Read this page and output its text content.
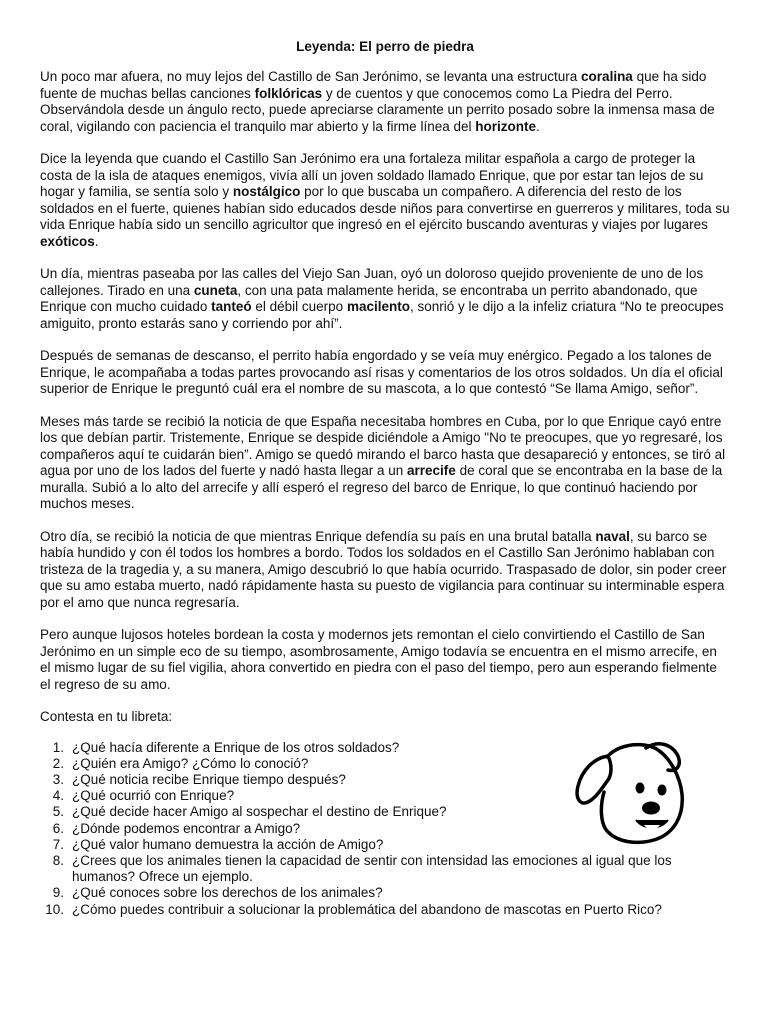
Leyenda: El perro de piedra
Un poco mar afuera, no muy lejos del Castillo de San Jerónimo, se levanta una estructura coralina que ha sido fuente de muchas bellas canciones folklóricas y de cuentos y que conocemos como La Piedra del Perro. Observándola desde un ángulo recto, puede apreciarse claramente un perrito posado sobre la inmensa masa de coral, vigilando con paciencia el tranquilo mar abierto y la firme línea del horizonte.
Dice la leyenda que cuando el Castillo San Jerónimo era una fortaleza militar española a cargo de proteger la costa de la isla de ataques enemigos, vivía allí un joven soldado llamado Enrique, que por estar tan lejos de su hogar y familia, se sentía solo y nostálgico por lo que buscaba un compañero. A diferencia del resto de los soldados en el fuerte, quienes habían sido educados desde niños para convertirse en guerreros y militares, toda su vida Enrique había sido un sencillo agricultor que ingresó en el ejército buscando aventuras y viajes por lugares exóticos.
Un día, mientras paseaba por las calles del Viejo San Juan, oyó un doloroso quejido proveniente de uno de los callejones. Tirado en una cuneta, con una pata malamente herida, se encontraba un perrito abandonado, que Enrique con mucho cuidado tanteó el débil cuerpo macilento, sonrió y le dijo a la infeliz criatura “No te preocupes amiguito, pronto estarás sano y corriendo por ahí”.
Después de semanas de descanso, el perrito había engordado y se veía muy enérgico. Pegado a los talones de Enrique, le acompañaba a todas partes provocando así risas y comentarios de los otros soldados. Un día el oficial superior de Enrique le preguntó cuál era el nombre de su mascota, a lo que contestó “Se llama Amigo, señor”.
Meses más tarde se recibió la noticia de que España necesitaba hombres en Cuba, por lo que Enrique cayó entre los que debían partir. Tristemente, Enrique se despide diciéndole a Amigo "No te preocupes, que yo regresaré, los compañeros aquí te cuidarán bien”. Amigo se quedó mirando el barco hasta que desapareció y entonces, se tiró al agua por uno de los lados del fuerte y nadó hasta llegar a un arrecife de coral que se encontraba en la base de la muralla. Subió a lo alto del arrecife y allí esperó el regreso del barco de Enrique, lo que continuó haciendo por muchos meses.
Otro día, se recibió la noticia de que mientras Enrique defendía su país en una brutal batalla naval, su barco se había hundido y con él todos los hombres a bordo. Todos los soldados en el Castillo San Jerónimo hablaban con tristeza de la tragedia y, a su manera, Amigo descubrió lo que había ocurrido. Traspasado de dolor, sin poder creer que su amo estaba muerto, nadó rápidamente hasta su puesto de vigilancia para continuar su interminable espera por el amo que nunca regresaría.
Pero aunque lujosos hoteles bordean la costa y modernos jets remontan el cielo convirtiendo el Castillo de San Jerónimo en un simple eco de su tiempo, asombrosamente, Amigo todavía se encuentra en el mismo arrecife, en el mismo lugar de su fiel vigilia, ahora convertido en piedra con el paso del tiempo, pero aun esperando fielmente el regreso de su amo.
Contesta en tu libreta:
1. ¿Qué hacía diferente a Enrique de los otros soldados?
2. ¿Quién era Amigo? ¿Cómo lo conoció?
3. ¿Qué noticia recibe Enrique tiempo después?
4. ¿Qué ocurrió con Enrique?
5. ¿Qué decide hacer Amigo al sospechar el destino de Enrique?
6. ¿Dónde podemos encontrar a Amigo?
7. ¿Qué valor humano demuestra la acción de Amigo?
8. ¿Crees que los animales tienen la capacidad de sentir con intensidad las emociones al igual que los humanos? Ofrece un ejemplo.
9. ¿Qué conoces sobre los derechos de los animales?
10. ¿Cómo puedes contribuir a solucionar la problemática del abandono de mascotas en Puerto Rico?
